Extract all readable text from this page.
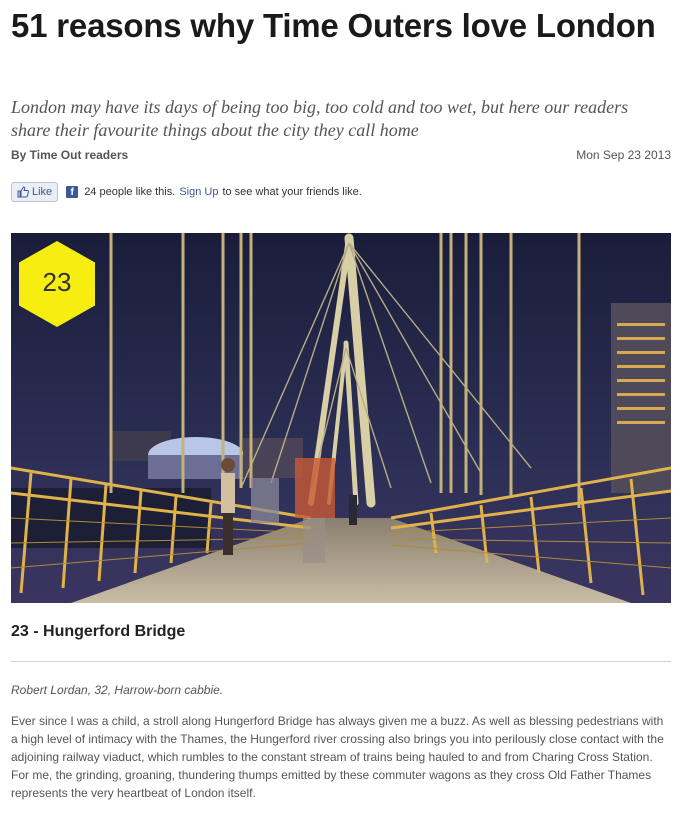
51 reasons why Time Outers love London

London may have its days of being too big, too cold and too wet, but here our readers share their favourite things about the city they call home

By Time Out readers	Mon Sep 23 2013
Like	f 24 people like this. Sign Up to see what your friends like.
23
23 - Hungerford Bridge

Robert Lordan, 32, Harrow-born cabbie.

Ever since I was a child, a stroll along Hungerford Bridge has always given me a buzz. As well as blessing pedestrians with a high level of intimacy with the Thames, the Hungerford river crossing also brings you into perilously close contact with the adjoining railway viaduct, which rumbles to the constant stream of trains being hauled to and from Charing Cross Station. For me, the grinding, groaning, thundering thumps emitted by these commuter wagons as they cross Old Father Thames represents the very heartbeat of London itself.
